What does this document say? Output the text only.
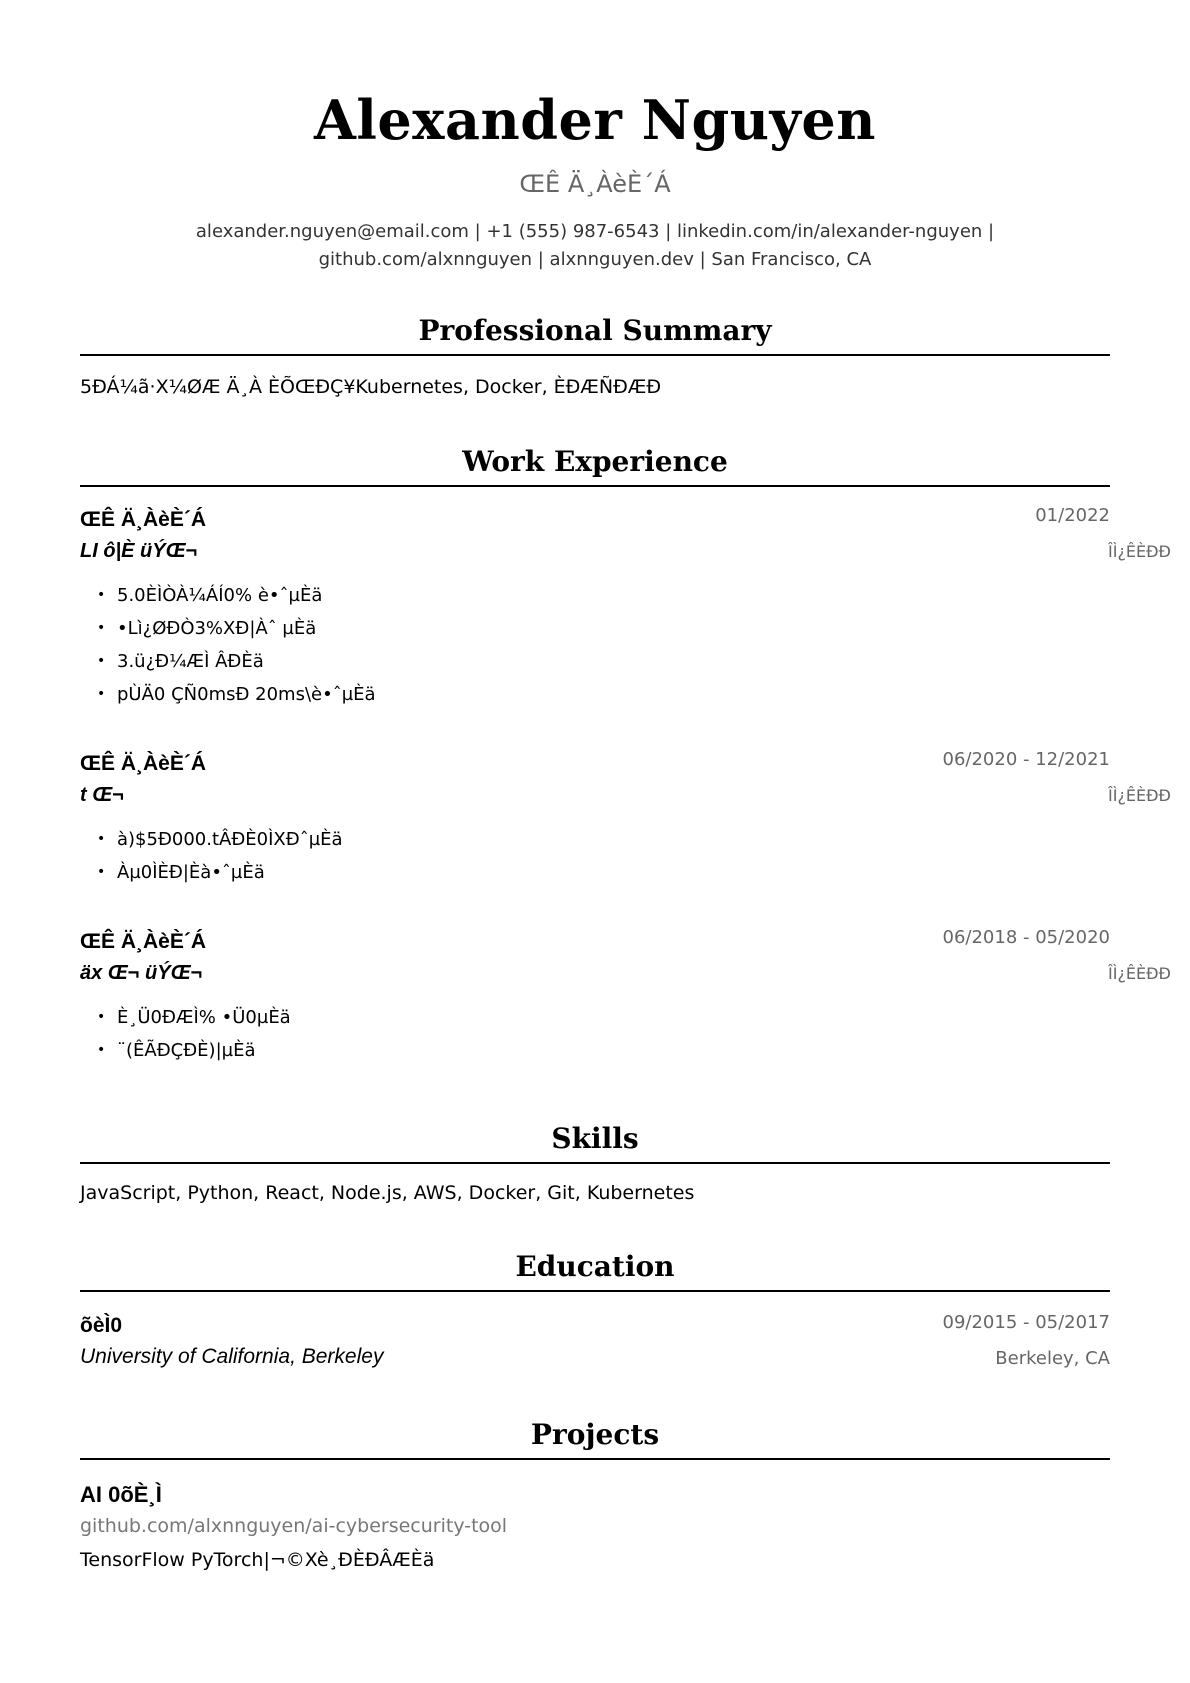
Alexander Nguyen
ŒÊ Ä¸ÀèÈ´Á
alexander.nguyen@email.com | +1 (555) 987-6543 | linkedin.com/in/alexander-nguyen |
github.com/alxnnguyen | alxnnguyen.dev | San Francisco, CA
Professional Summary
5ÐÁ¼ã·X¼ØÆ Ä¸À ÈÕŒÐÇ¥Kubernetes, Docker, ÈÐÆÑÐÆÐ
Work Experience
ŒÊ Ä¸ÀèÈ´Á	01/2022
LI ô|È üÝŒ¬	ÎÌ¿ÊÈÐÐ
• 5.0ÈÌÒÀ¼ÁÍ0% è•ˆµÈä
• •Lì¿ØÐÒ3%XÐ|Àˆ µÈä
• 3.ü¿Ð¼ÆÌ ÂÐÈä
• pÙÄ0 ÇÑ0msÐ 20ms\è•ˆµÈä
ŒÊ Ä¸ÀèÈ´Á	06/2020 - 12/2021
t Œ¬	ÎÌ¿ÊÈÐÐ
• à)$5Ð000.tÂÐÈ0ÌXÐˆµÈä
• Àµ0ÌÈÐ|Èà•ˆµÈä
ŒÊ Ä¸ÀèÈ´Á	06/2018 - 05/2020
äx Œ¬ üÝŒ¬	ÎÌ¿ÊÈÐÐ
• È¸Ü0ÐÆÌ% •Ü0µÈä
• ¨(ÊÃÐÇÐÈ)|µÈä
Skills
JavaScript, Python, React, Node.js, AWS, Docker, Git, Kubernetes
Education
õèÌ0	09/2015 - 05/2017
University of California, Berkeley	Berkeley, CA
Projects
AI 0õÈ¸Ì
github.com/alxnnguyen/ai-cybersecurity-tool
TensorFlow PyTorch|¬©Xè¸ÐÈÐÂÆÈä
